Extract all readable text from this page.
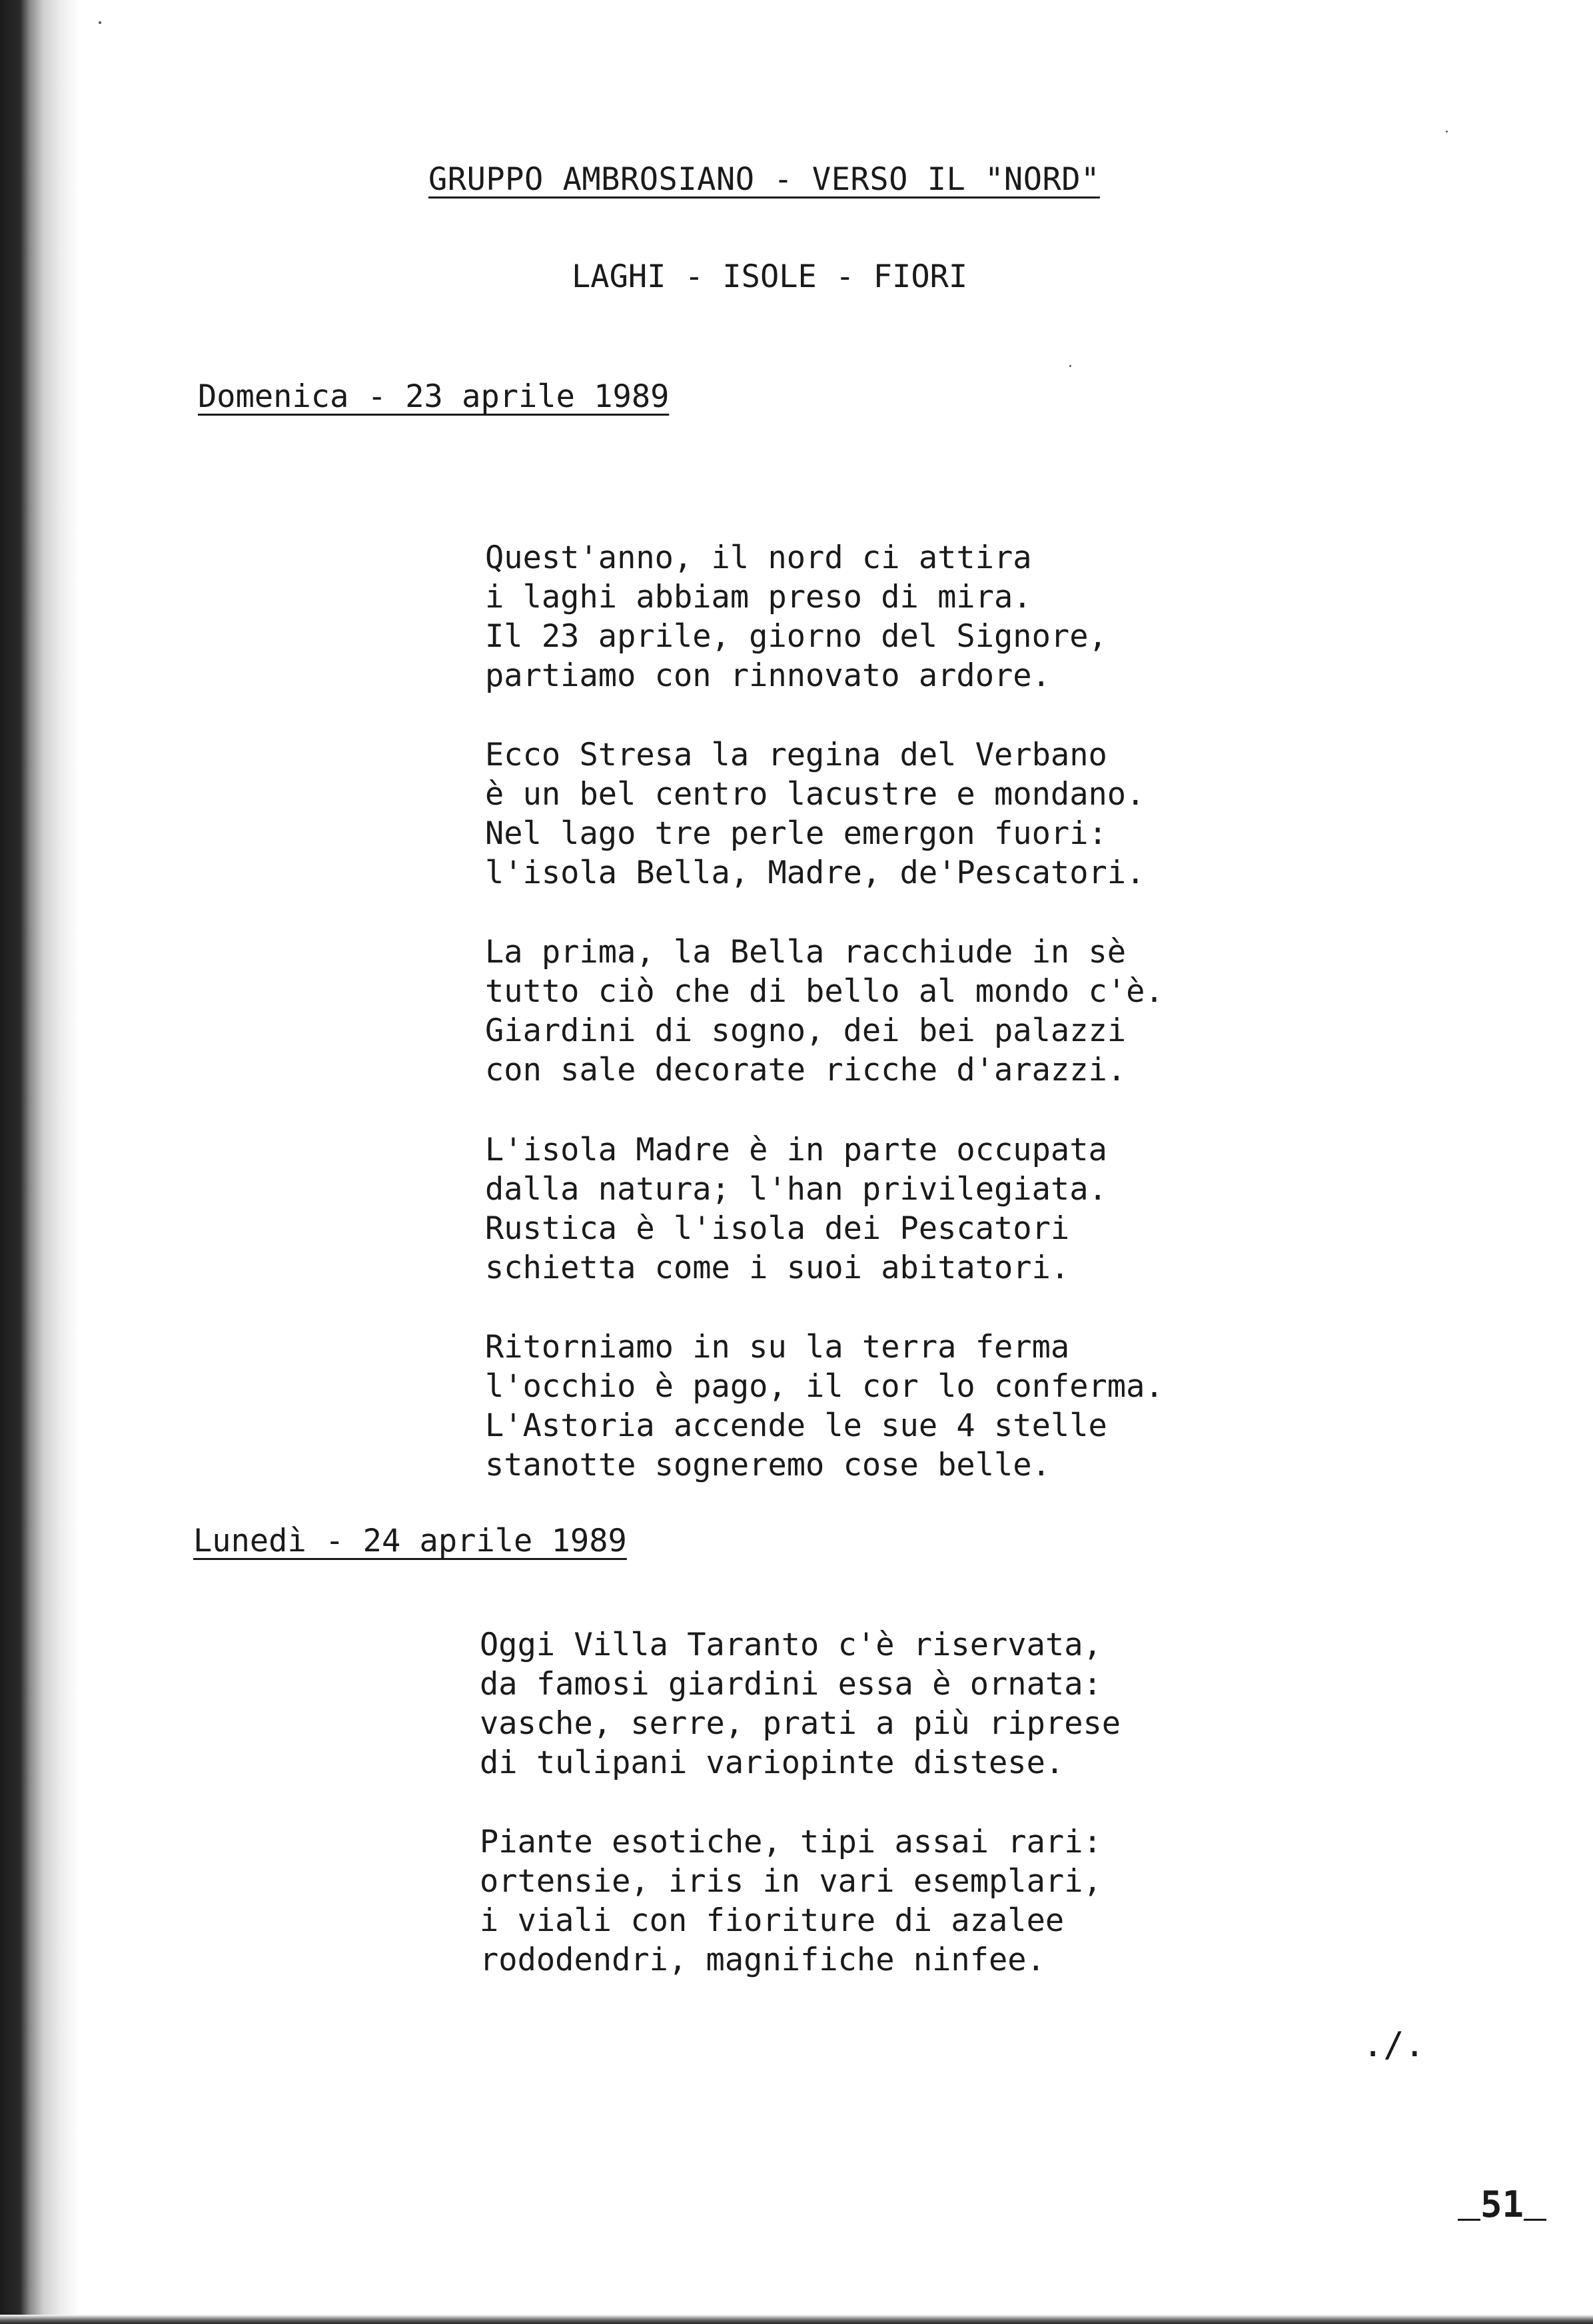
GRUPPO AMBROSIANO - VERSO IL "NORD"
LAGHI - ISOLE - FIORI
Domenica - 23 aprile 1989

Quest'anno, il nord ci attira
i laghi abbiam preso di mira.
Il 23 aprile, giorno del Signore,
partiamo con rinnovato ardore.

Ecco Stresa la regina del Verbano
è un bel centro lacustre e mondano.
Nel lago tre perle emergon fuori:
l'isola Bella, Madre, de'Pescatori.

La prima, la Bella racchiude in sè
tutto ciò che di bello al mondo c'è.
Giardini di sogno, dei bei palazzi
con sale decorate ricche d'arazzi.

L'isola Madre è in parte occupata
dalla natura; l'han privilegiata.
Rustica è l'isola dei Pescatori
schietta come i suoi abitatori.

Ritorniamo in su la terra ferma
l'occhio è pago, il cor lo conferma.
L'Astoria accende le sue 4 stelle
stanotte sogneremo cose belle.

Lunedì - 24 aprile 1989

Oggi Villa Taranto c'è riservata,
da famosi giardini essa è ornata:
vasche, serre, prati a più riprese
di tulipani variopinte distese.

Piante esotiche, tipi assai rari:
ortensie, iris in vari esemplari,
i viali con fioriture di azalee
rododendri, magnifiche ninfee.

./.
51
